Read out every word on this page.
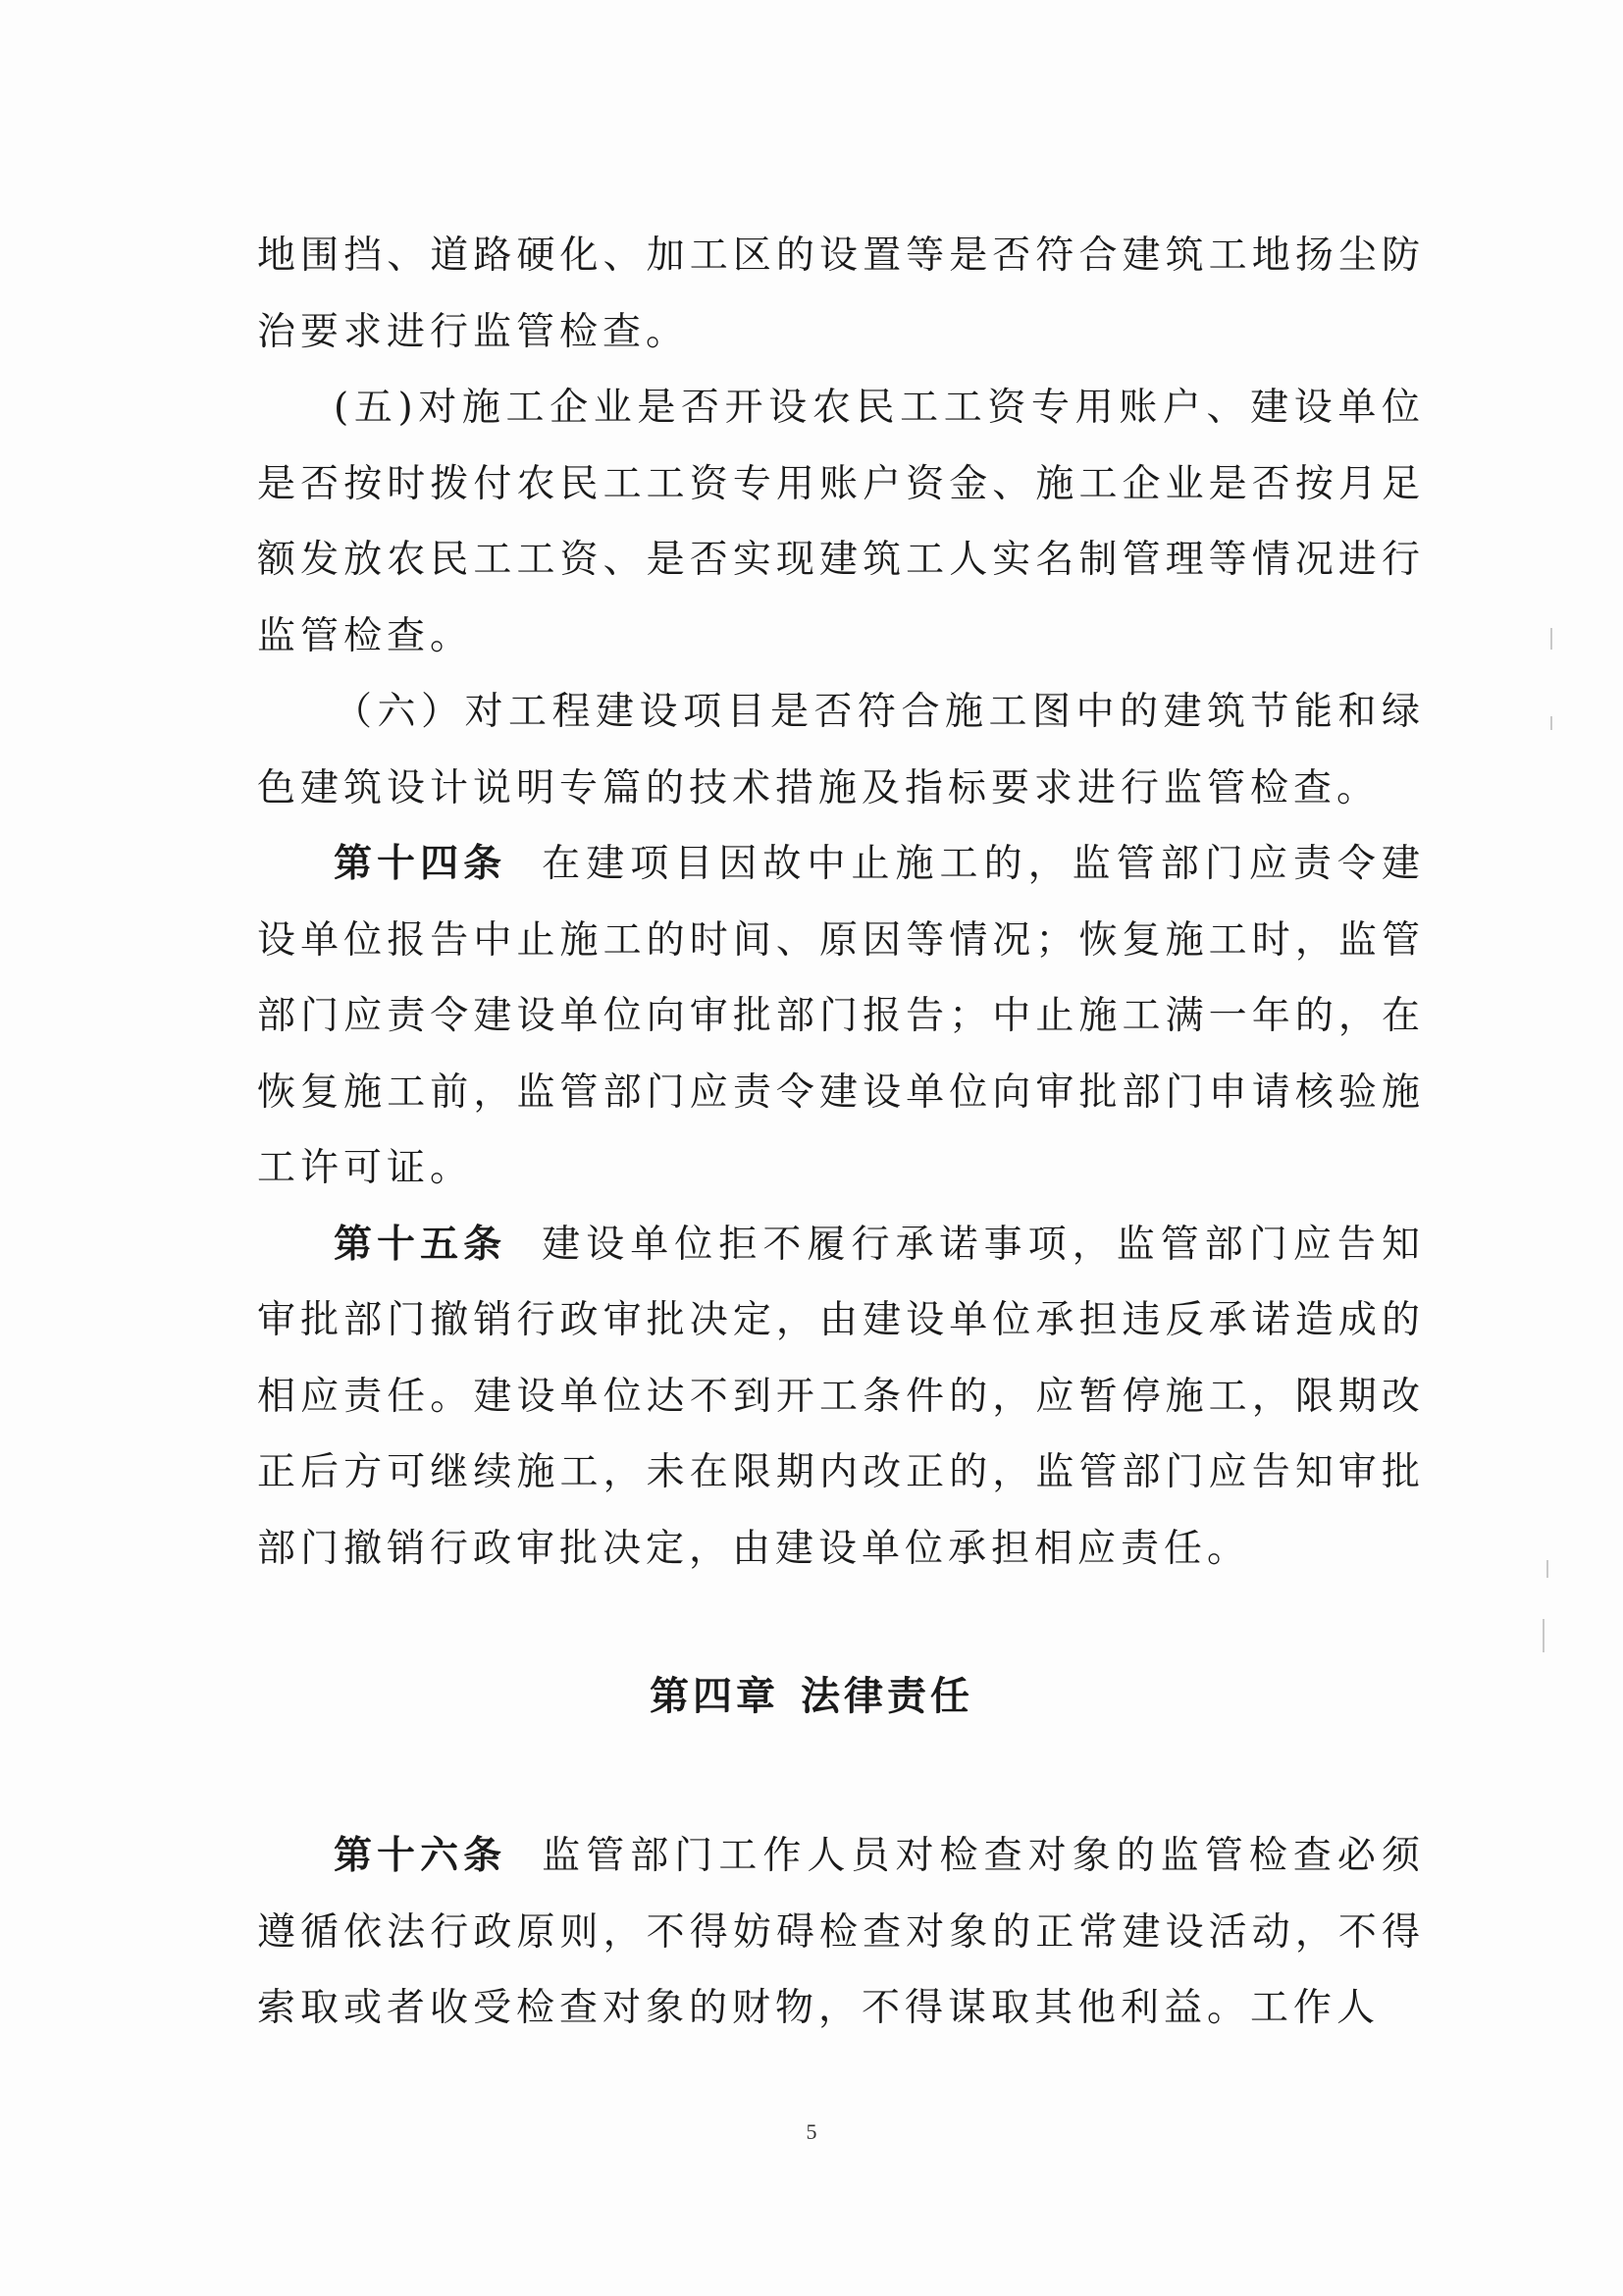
地围挡、道路硬化、加工区的设置等是否符合建筑工地扬尘防治要求进行监管检查。

(五)对施工企业是否开设农民工工资专用账户、建设单位是否按时拨付农民工工资专用账户资金、施工企业是否按月足额发放农民工工资、是否实现建筑工人实名制管理等情况进行监管检查。

（六）对工程建设项目是否符合施工图中的建筑节能和绿色建筑设计说明专篇的技术措施及指标要求进行监管检查。

第十四条 在建项目因故中止施工的，监管部门应责令建设单位报告中止施工的时间、原因等情况；恢复施工时，监管部门应责令建设单位向审批部门报告；中止施工满一年的，在恢复施工前，监管部门应责令建设单位向审批部门申请核验施工许可证。

第十五条 建设单位拒不履行承诺事项，监管部门应告知审批部门撤销行政审批决定，由建设单位承担违反承诺造成的相应责任。建设单位达不到开工条件的，应暂停施工，限期改正后方可继续施工，未在限期内改正的，监管部门应告知审批部门撤销行政审批决定，由建设单位承担相应责任。

第四章 法律责任

第十六条 监管部门工作人员对检查对象的监管检查必须遵循依法行政原则，不得妨碍检查对象的正常建设活动，不得索取或者收受检查对象的财物，不得谋取其他利益。工作人

5
